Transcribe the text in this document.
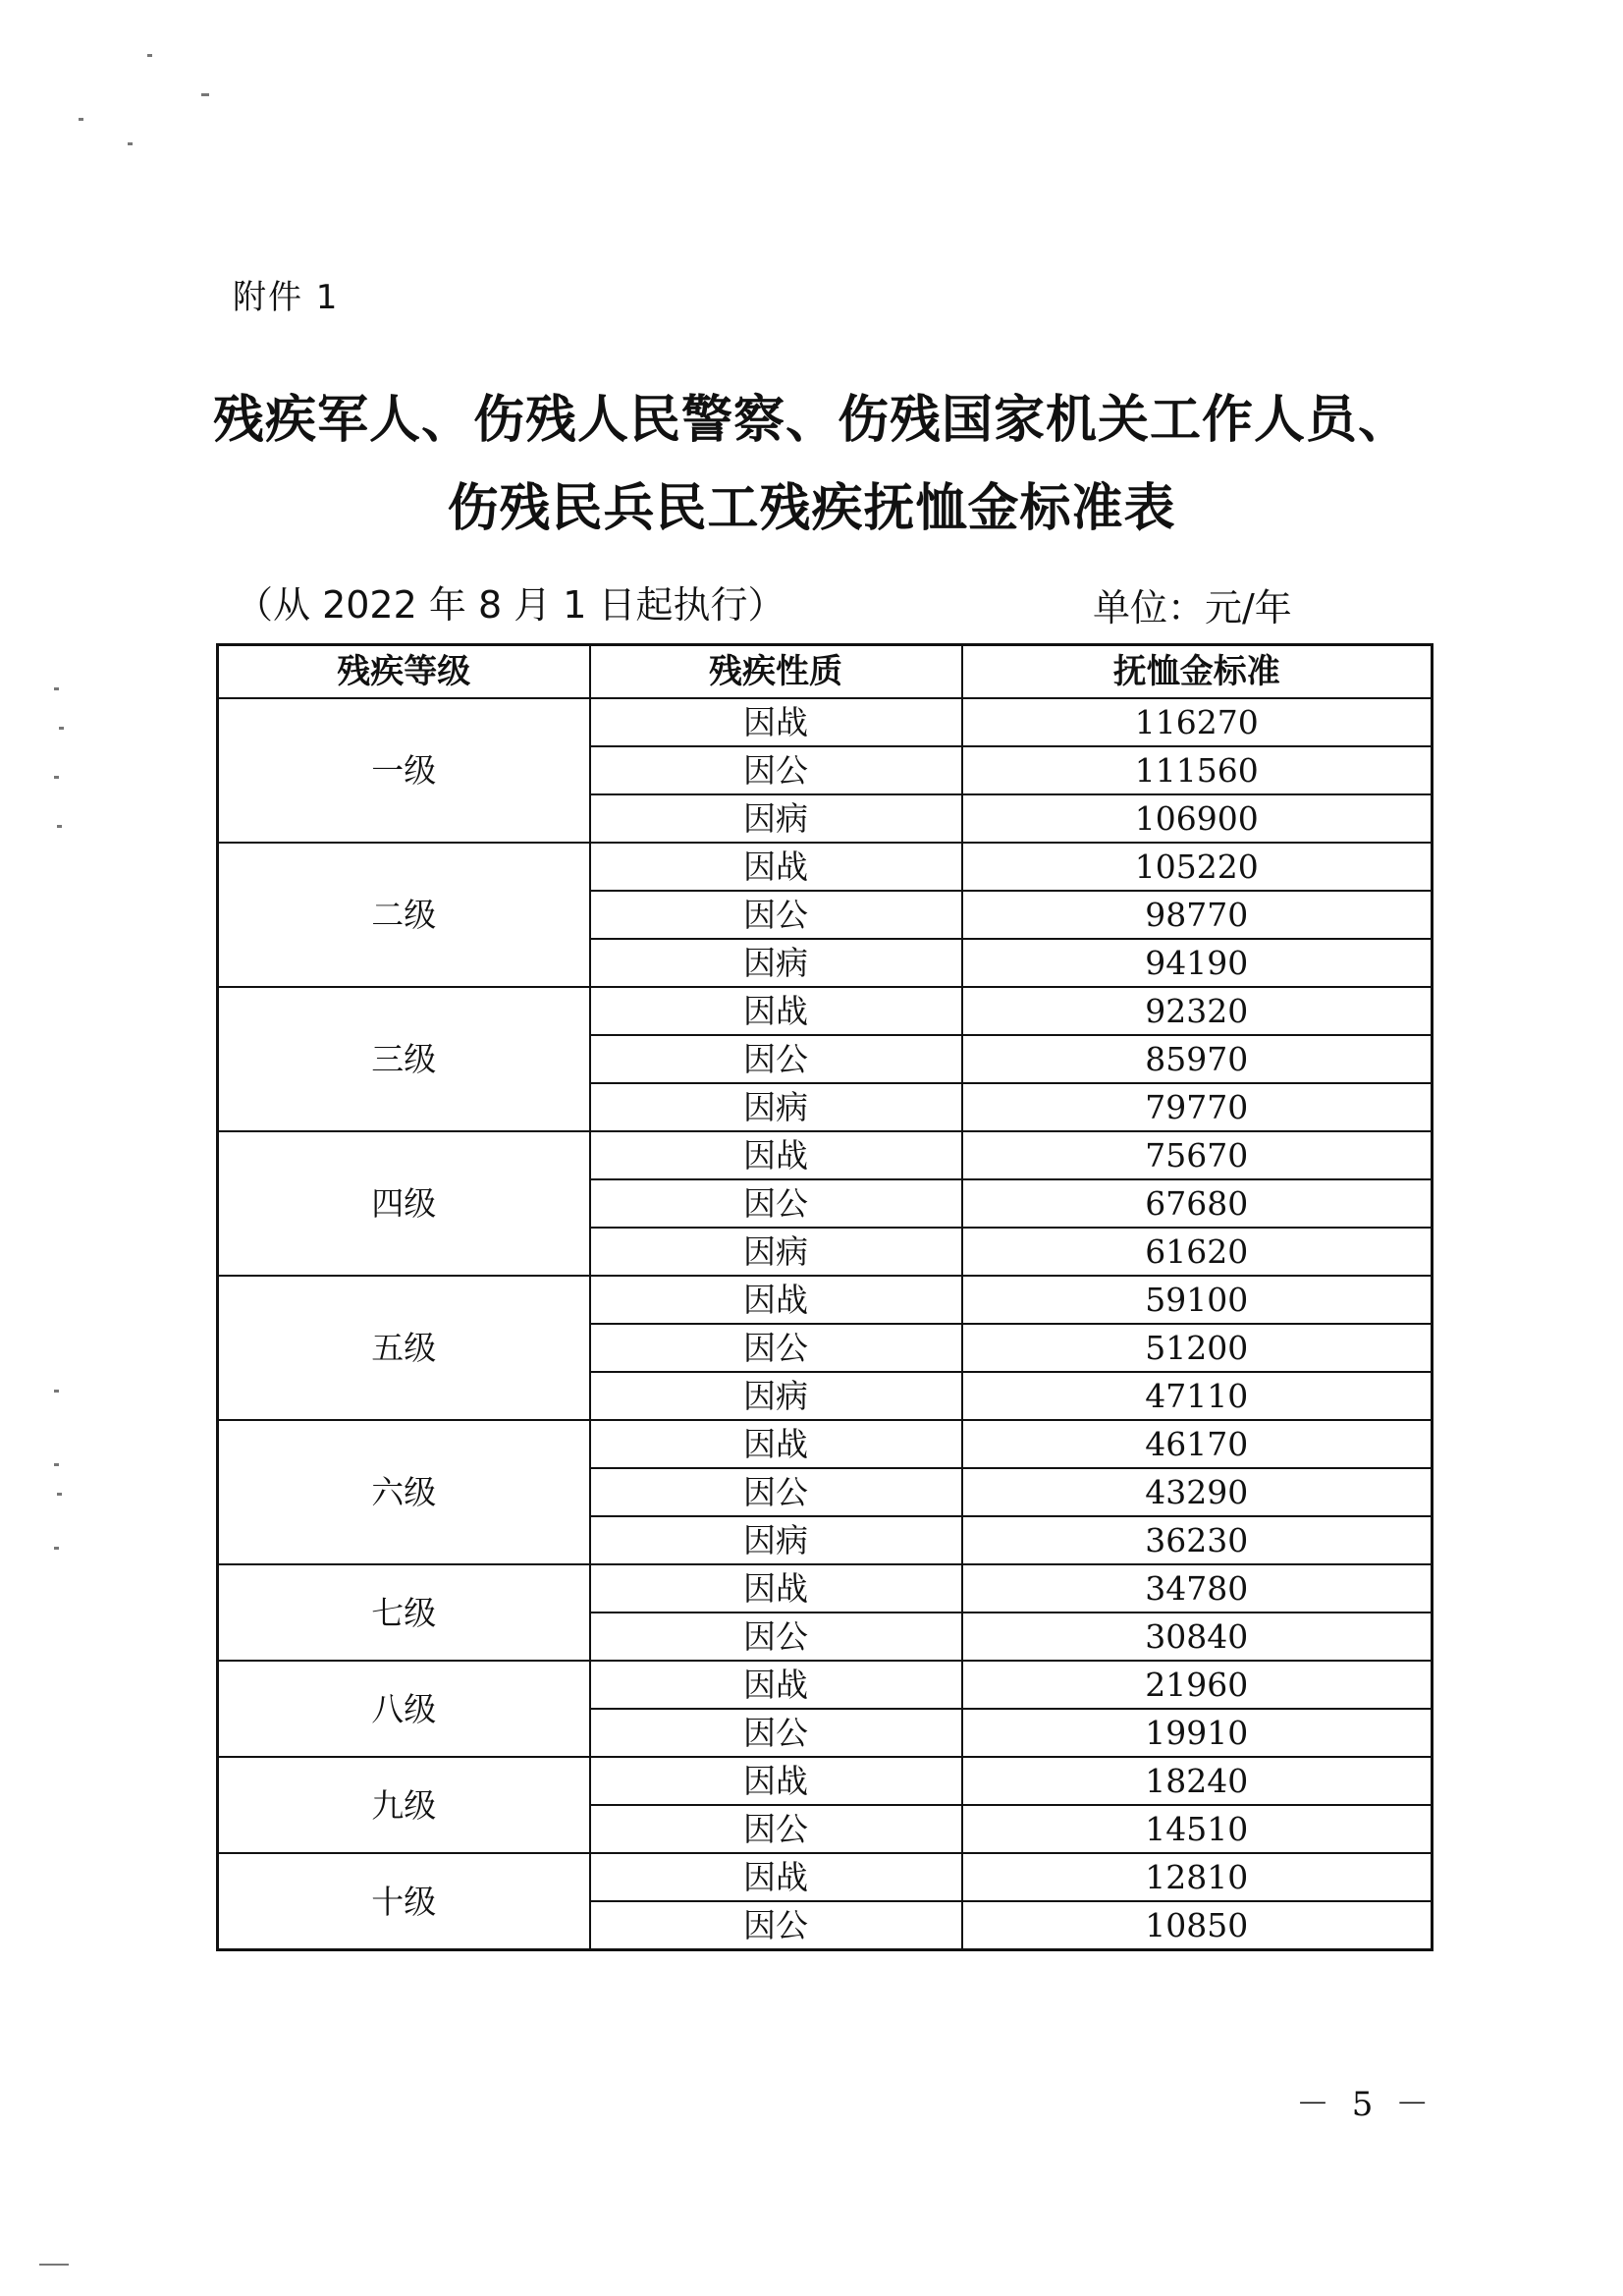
附件 1
残疾军人、伤残人民警察、伤残国家机关工作人员、
伤残民兵民工残疾抚恤金标准表
（从 2022 年 8 月 1 日起执行）	单位：元/年
残疾等级	残疾性质	抚恤金标准
一级	因战	116270
	因公	111560
	因病	106900
二级	因战	105220
	因公	98770
	因病	94190
三级	因战	92320
	因公	85970
	因病	79770
四级	因战	75670
	因公	67680
	因病	61620
五级	因战	59100
	因公	51200
	因病	47110
六级	因战	46170
	因公	43290
	因病	36230
七级	因战	34780
	因公	30840
八级	因战	21960
	因公	19910
九级	因战	18240
	因公	14510
十级	因战	12810
	因公	10850
－ 5 －
